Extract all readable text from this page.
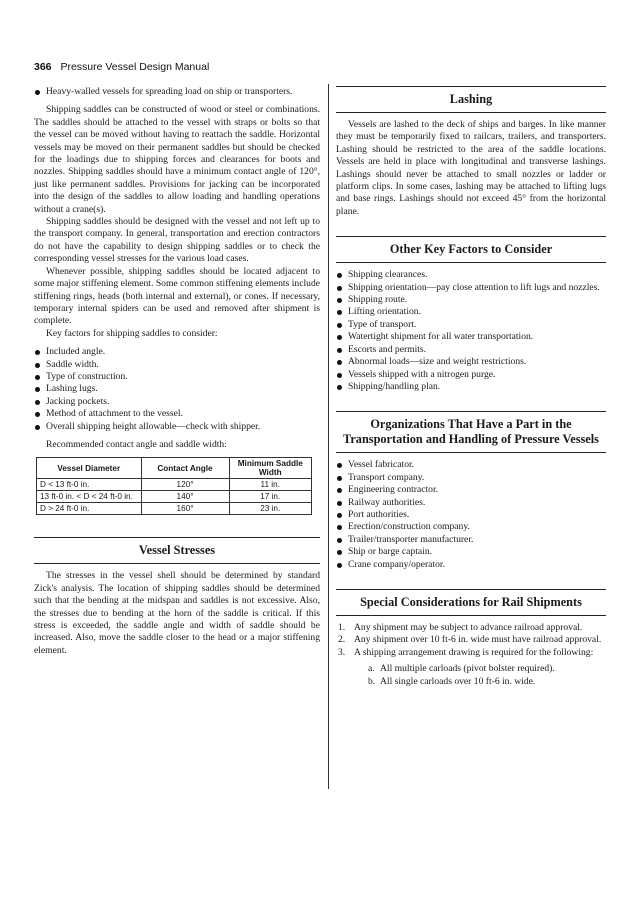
366 Pressure Vessel Design Manual
Heavy-walled vessels for spreading load on ship or transporters.

Shipping saddles can be constructed of wood or steel or combinations. The saddles should be attached to the vessel with straps or bolts so that the vessel can be moved without having to reattach the saddle. Horizontal vessels may be moved on their permanent saddles but should be checked for the loadings due to shipping forces and clearances for boots and nozzles. Shipping saddles should have a minimum contact angle of 120°, just like permanent saddles. Provisions for jacking can be incorporated into the design of the saddles to allow loading and handling operations without a crane(s).

Shipping saddles should be designed with the vessel and not left up to the transport company. In general, transportation and erection contractors do not have the capability to design shipping saddles or to check the corresponding vessel stresses for the various load cases.

Whenever possible, shipping saddles should be located adjacent to some major stiffening element. Some common stiffening elements include stiffening rings, heads (both internal and external), or cones. If necessary, temporary internal spiders can be used and removed after shipment is complete.

Key factors for shipping saddles to consider:

Included angle.
Saddle width.
Type of construction.
Lashing lugs.
Jacking pockets.
Method of attachment to the vessel.
Overall shipping height allowable—check with shipper.

Recommended contact angle and saddle width:

Vessel Diameter	Contact Angle	Minimum Saddle Width
D < 13 ft-0 in.	120°	11 in.
13 ft-0 in. < D < 24 ft-0 in.	140°	17 in.
D > 24 ft-0 in.	160°	23 in.
Vessel Stresses

The stresses in the vessel shell should be determined by standard Zick's analysis. The location of shipping saddles should be determined such that the bending at the midspan and saddles is not excessive. Also, the stresses due to bending at the horn of the saddle is critical. If this stress is exceeded, the saddle angle and width of saddle should be increased. Also, move the saddle closer to the head or a major stiffening element.

Lashing

Vessels are lashed to the deck of ships and barges. In like manner they must be temporarily fixed to railcars, trailers, and transporters. Lashing should be restricted to the area of the saddle locations. Vessels are held in place with longitudinal and transverse lashings. Lashings should never be attached to small nozzles or ladder or platform clips. In some cases, lashing may be attached to lifting lugs and base rings. Lashings should not exceed 45° from the horizontal plane.

Other Key Factors to Consider
Shipping clearances.
Shipping orientation—pay close attention to lift lugs and nozzles.
Shipping route.
Lifting orientation.
Type of transport.
Watertight shipment for all water transportation.
Escorts and permits.
Abnormal loads—size and weight restrictions.
Vessels shipped with a nitrogen purge.
Shipping/handling plan.
Organizations That Have a Part in the Transportation and Handling of Pressure Vessels
Vessel fabricator.
Transport company.
Engineering contractor.
Railway authorities.
Port authorities.
Erection/construction company.
Trailer/transporter manufacturer.
Ship or barge captain.
Crane company/operator.
Special Considerations for Rail Shipments
1. Any shipment may be subject to advance railroad approval.
2. Any shipment over 10 ft-6 in. wide must have railroad approval.
3. A shipping arrangement drawing is required for the following:
a. All multiple carloads (pivot bolster required).
b. All single carloads over 10 ft-6 in. wide.
